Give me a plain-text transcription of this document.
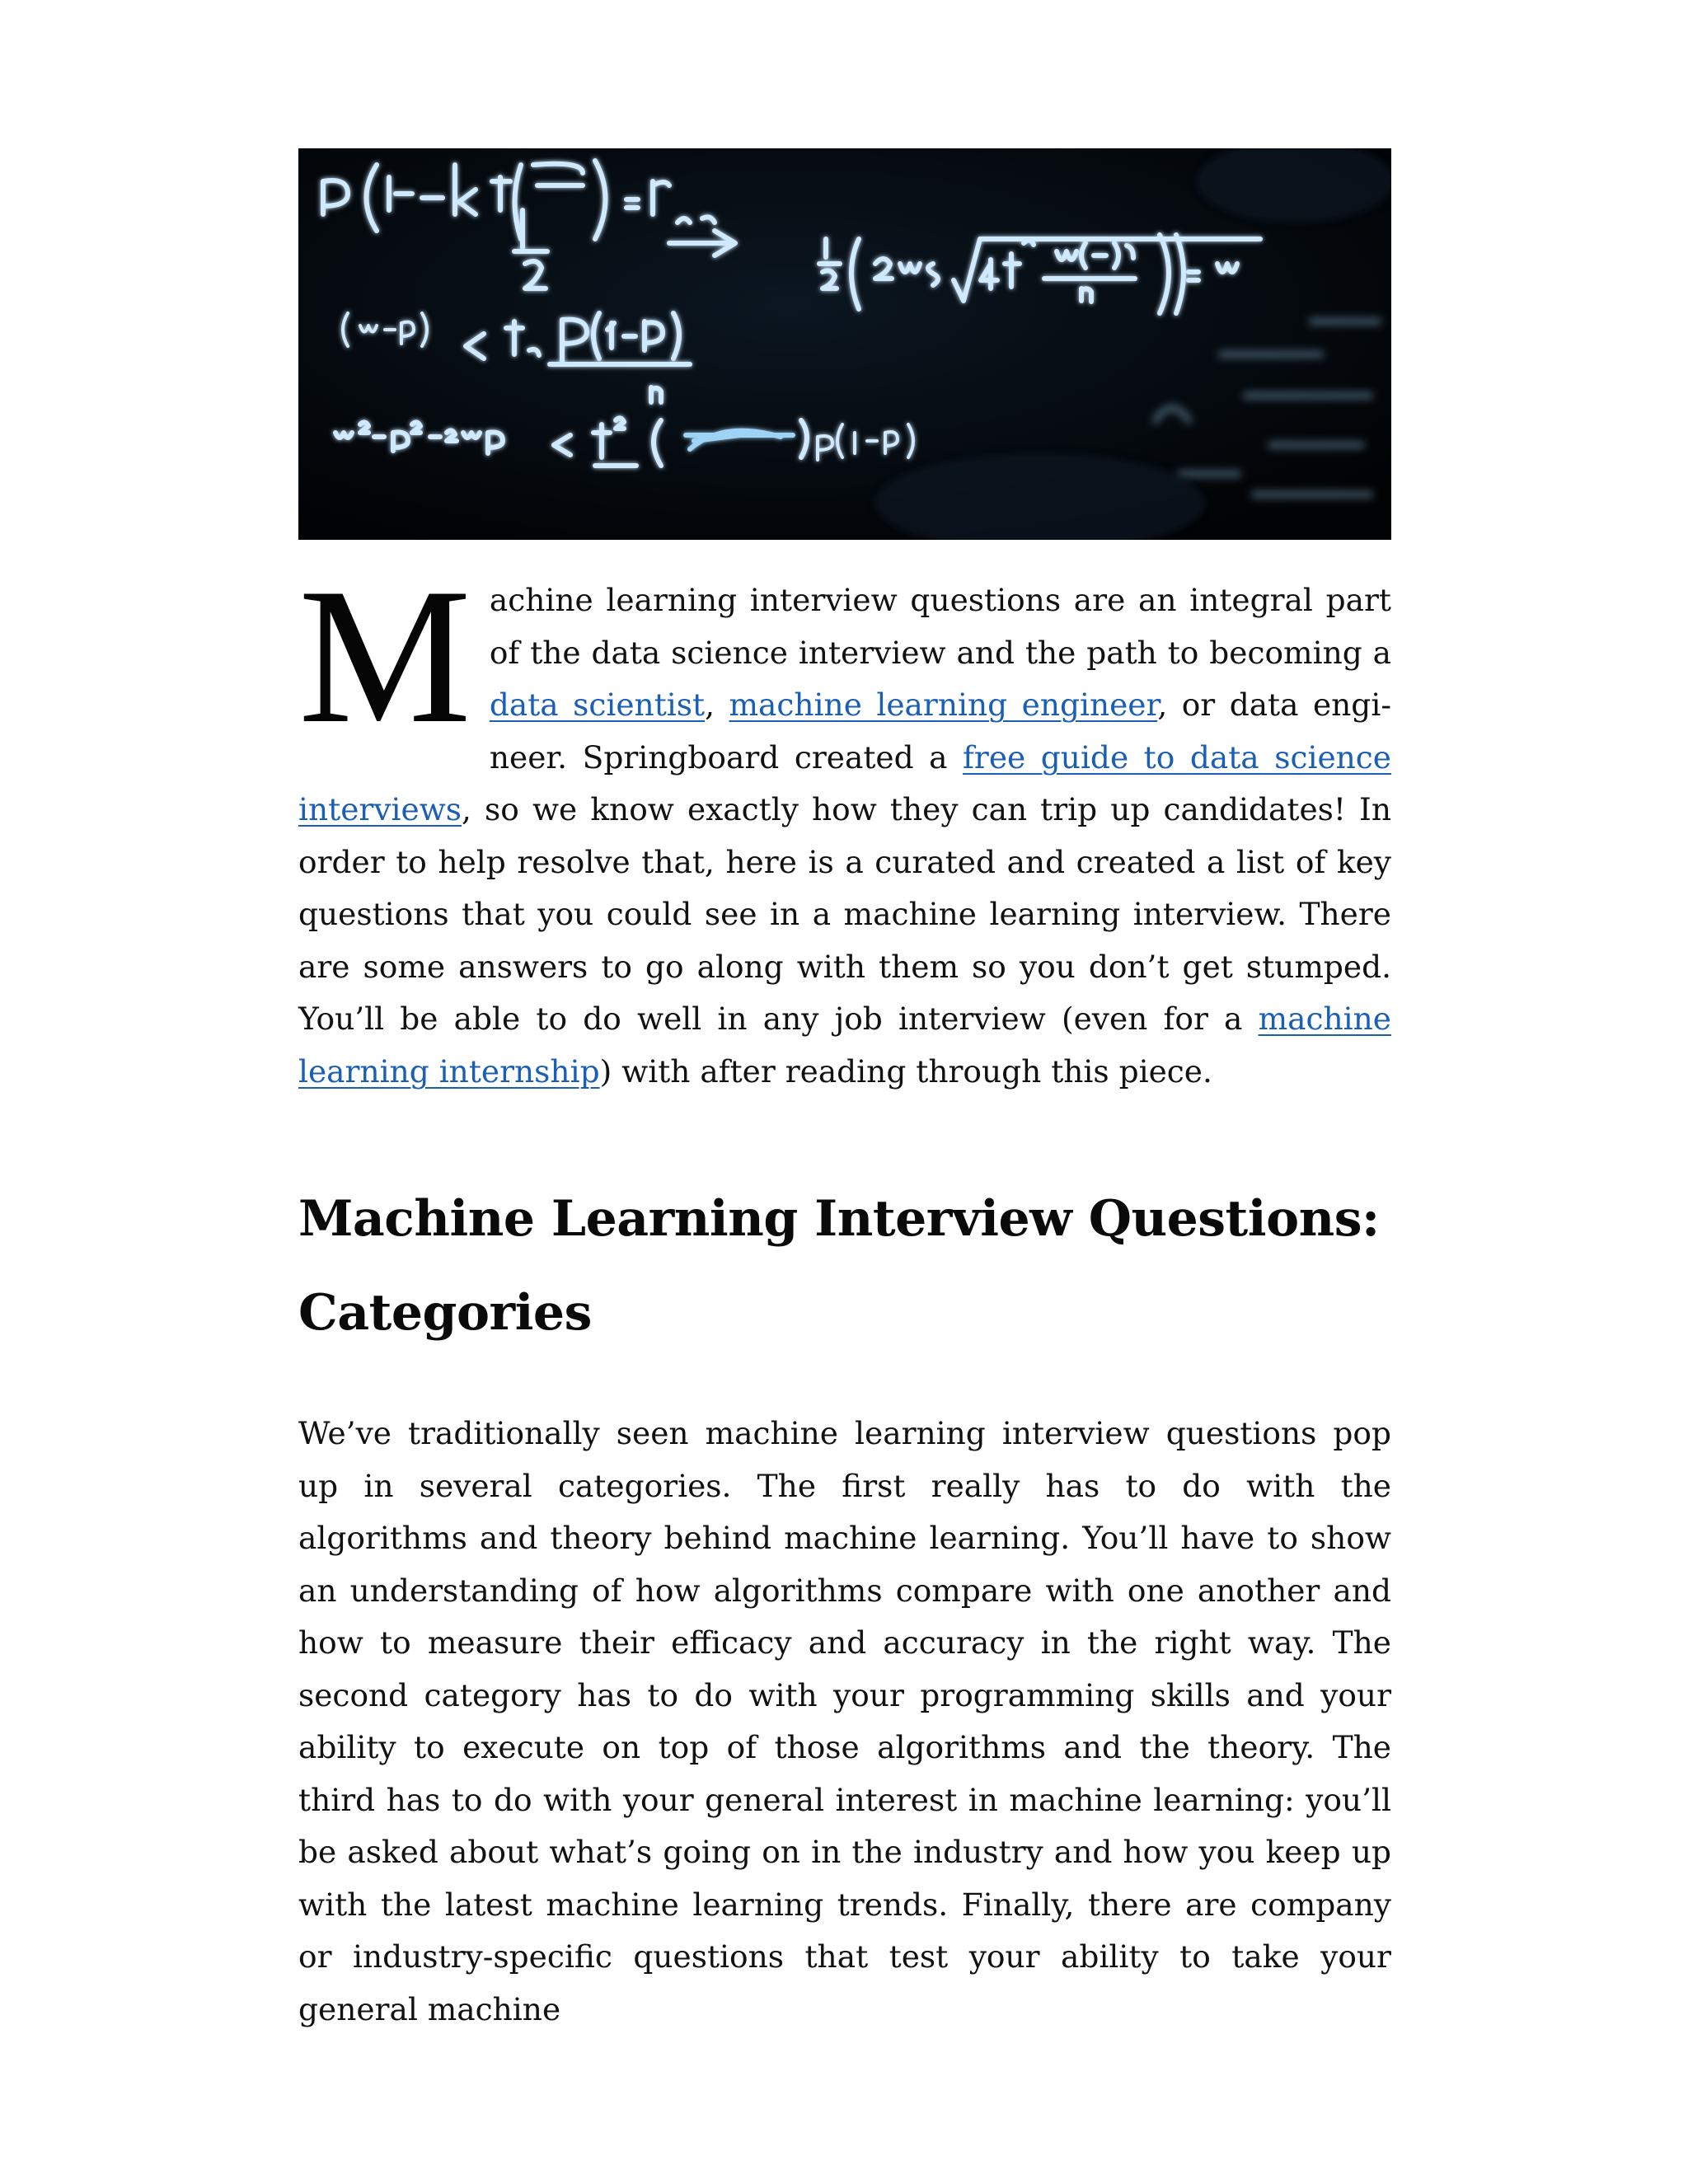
Machine learning interview questions are an integral part of the data science interview and the path to becoming a data scientist, machine learning engineer, or data engineer. Springboard created a free guide to data science interviews, so we know exactly how they can trip up candidates! In order to help resolve that, here is a curated and created a list of key questions that you could see in a machine learning interview. There are some answers to go along with them so you don’t get stumped. You’ll be able to do well in any job interview (even for a machine learning internship) with after reading through this piece.

Machine Learning Interview Questions: Categories

We’ve traditionally seen machine learning interview questions pop up in several categories. The first really has to do with the algorithms and theory behind machine learning. You’ll have to show an understanding of how algorithms compare with one another and how to measure their efficacy and accuracy in the right way. The second category has to do with your programming skills and your ability to execute on top of those algorithms and the theory. The third has to do with your general interest in machine learning: you’ll be asked about what’s going on in the industry and how you keep up with the latest machine learning trends. Finally, there are company or industry-specific questions that test your ability to take your general machine
